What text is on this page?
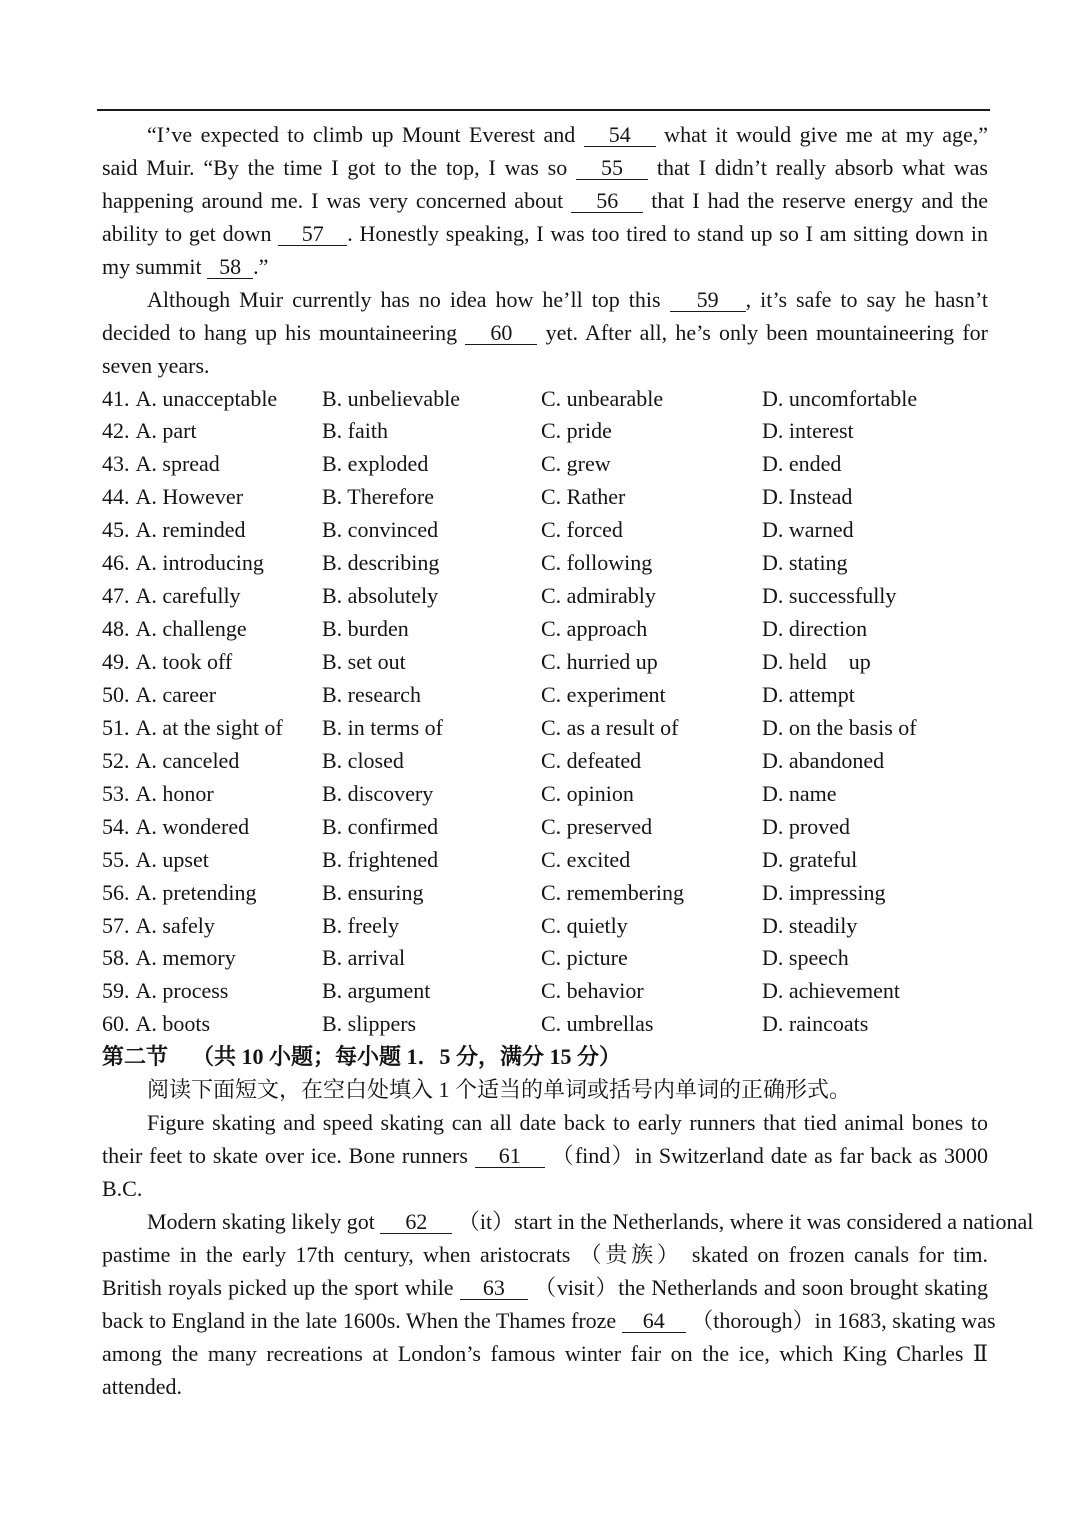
“I’ve expected to climb up Mount Everest and 54 what it would give me at my age,”
said Muir. “By the time I got to the top, I was so 55 that I didn’t really absorb what was
happening around me. I was very concerned about 56 that I had the reserve energy and the
ability to get down 57 . Honestly speaking, I was too tired to stand up so I am sitting down in
my summit 58 .”
Although Muir currently has no idea how he’ll top this 59 , it’s safe to say he hasn’t
decided to hang up his mountaineering 60 yet. After all, he’s only been mountaineering for
seven years.
41. A. unacceptable B. unbelievable	C. unbearable	D. uncomfortable
42. A. part	B. faith	C. pride	D. interest
43. A. spread	B. exploded	C. grew	D. ended
44. A. However	B. Therefore	C. Rather	D. Instead
45. A. reminded	B. convinced	C. forced	D. warned
46. A. introducing	B. describing	C. following	D. stating
47. A. carefully	B. absolutely	C. admirably	D. successfully
48. A. challenge	B. burden	C. approach	D. direction
49. A. took off	B. set out	C. hurried up	D. held    up
50. A. career	B. research	C. experiment	D. attempt
51. A. at the sight of B. in terms of	C. as a result of	D. on the basis of
52. A. canceled	B. closed	C. defeated	D. abandoned
53. A. honor	B. discovery	C. opinion	D. name
54. A. wondered	B. confirmed	C. preserved	D. proved
55. A. upset	B. frightened	C. excited	D. grateful
56. A. pretending	B. ensuring	C. remembering	D. impressing
57. A. safely	B. freely	C. quietly	D. steadily
58. A. memory	B. arrival	C. picture	D. speech
59. A. process	B. argument	C. behavior	D. achievement
60. A. boots	B. slippers	C. umbrellas	D. raincoats
第二节 （共 10 小题；每小题 1．5 分，满分 15 分）
阅读下面短文，在空白处填入 1 个适当的单词或括号内单词的正确形式。
Figure skating and speed skating can all date back to early runners that tied animal bones to
their feet to skate over ice. Bone runners 61 （find）in Switzerland date as far back as 3000
B.C.
Modern skating likely got 62 （it）start in the Netherlands, where it was considered a national
pastime in the early 17th century, when aristocrats （贵族） skated on frozen canals for tim.
British royals picked up the sport while 63 （visit）the Netherlands and soon brought skating
back to England in the late 1600s. When the Thames froze 64 （thorough）in 1683, skating was
among the many recreations at London’s famous winter fair on the ice, which King Charles Ⅱ
attended.
